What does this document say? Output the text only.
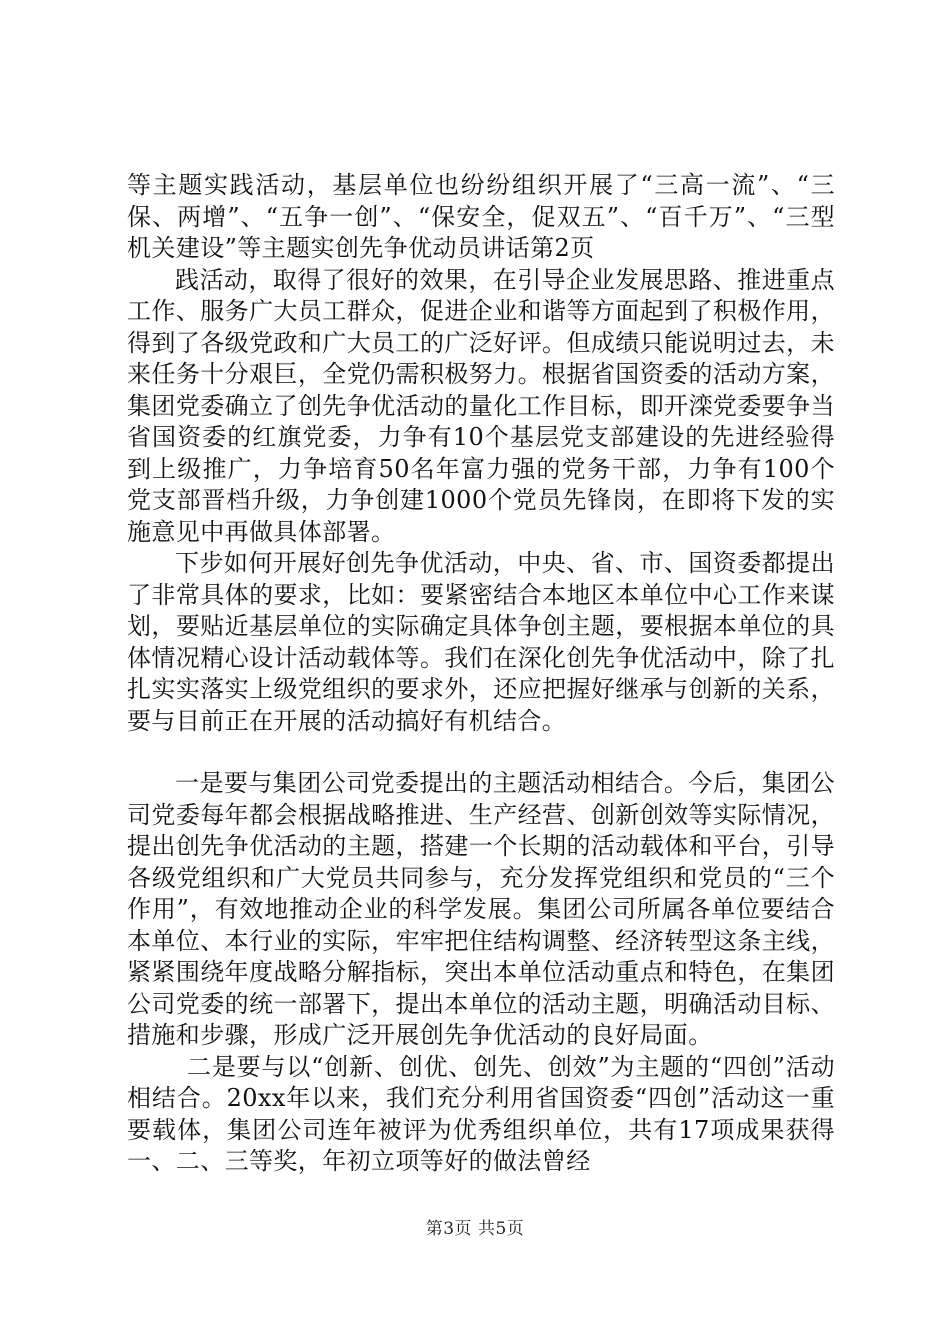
等主题实践活动，基层单位也纷纷组织开展了“三高一流”、“三保、两增”、“五争一创”、“保安全，促双五”、“百千万”、“三型机关建设”等主题实创先争优动员讲话第2页

践活动，取得了很好的效果，在引导企业发展思路、推进重点工作、服务广大员工群众，促进企业和谐等方面起到了积极作用，得到了各级党政和广大员工的广泛好评。但成绩只能说明过去，未来任务十分艰巨，全党仍需积极努力。根据省国资委的活动方案，集团党委确立了创先争优活动的量化工作目标，即开滦党委要争当省国资委的红旗党委，力争有10个基层党支部建设的先进经验得到上级推广，力争培育50名年富力强的党务干部，力争有100个党支部晋档升级，力争创建1000个党员先锋岗，在即将下发的实施意见中再做具体部署。

下步如何开展好创先争优活动，中央、省、市、国资委都提出了非常具体的要求，比如：要紧密结合本地区本单位中心工作来谋划，要贴近基层单位的实际确定具体争创主题，要根据本单位的具体情况精心设计活动载体等。我们在深化创先争优活动中，除了扎扎实实落实上级党组织的要求外，还应把握好继承与创新的关系，要与目前正在开展的活动搞好有机结合。

一是要与集团公司党委提出的主题活动相结合。今后，集团公司党委每年都会根据战略推进、生产经营、创新创效等实际情况，提出创先争优活动的主题，搭建一个长期的活动载体和平台，引导各级党组织和广大党员共同参与，充分发挥党组织和党员的“三个作用”，有效地推动企业的科学发展。集团公司所属各单位要结合本单位、本行业的实际，牢牢把住结构调整、经济转型这条主线，紧紧围绕年度战略分解指标，突出本单位活动重点和特色，在集团公司党委的统一部署下，提出本单位的活动主题，明确活动目标、措施和步骤，形成广泛开展创先争优活动的良好局面。

二是要与以“创新、创优、创先、创效”为主题的“四创”活动相结合。20xx年以来，我们充分利用省国资委“四创”活动这一重要载体，集团公司连年被评为优秀组织单位，共有17项成果获得一、二、三等奖，年初立项等好的做法曾经

第3页 共5页
